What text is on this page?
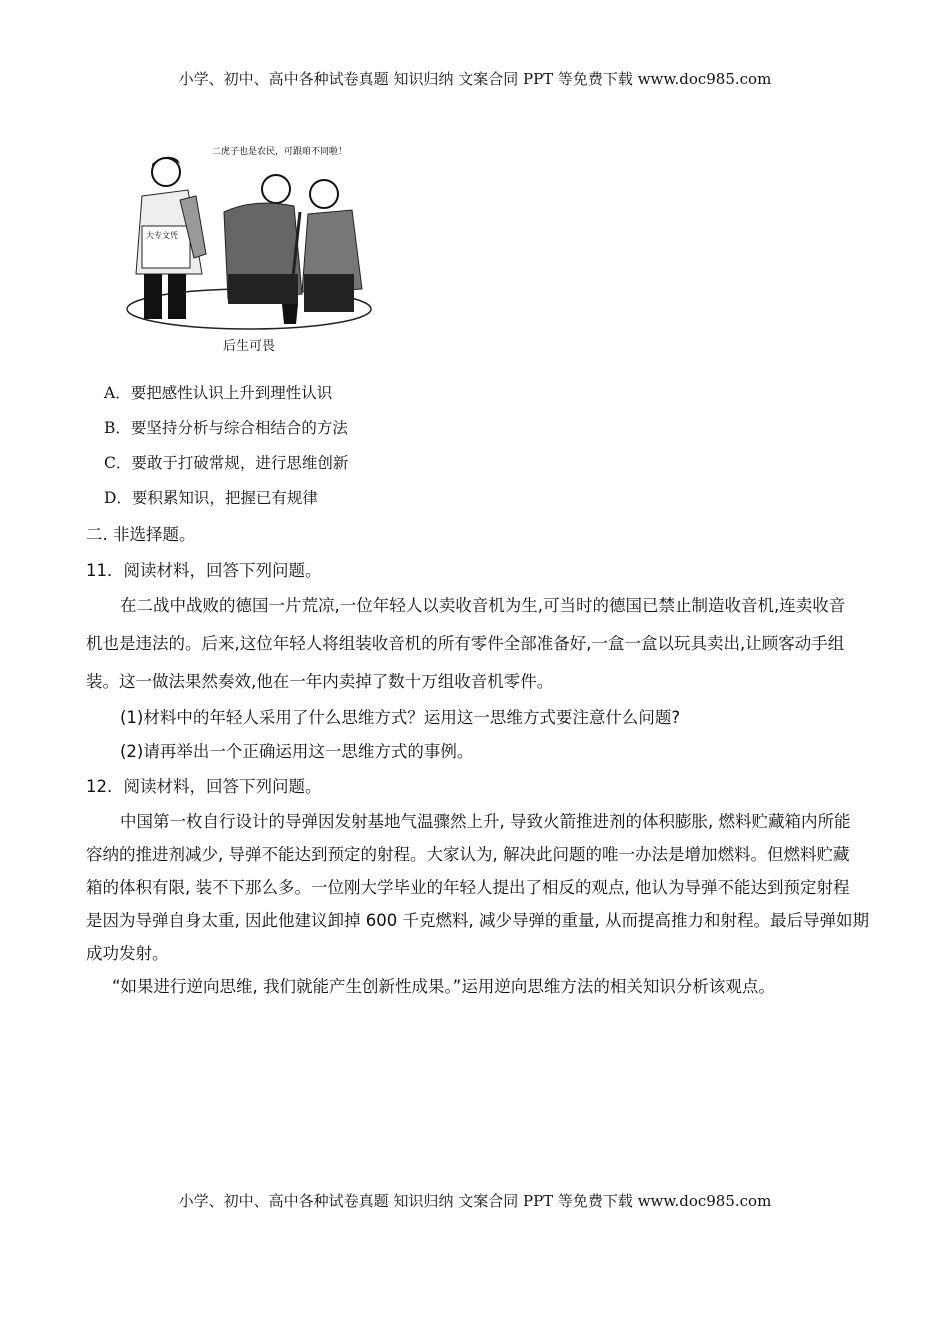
小学、初中、高中各种试卷真题 知识归纳 文案合同 PPT 等免费下载 www.doc985.com
二虎子也是农民，可跟咱不同啦！
大专文凭
后生可畏
A．要把感性认识上升到理性认识
B．要坚持分析与综合相结合的方法
C．要敢于打破常规，进行思维创新
D．要积累知识，把握已有规律
二. 非选择题。
11．阅读材料，回答下列问题。
在二战中战败的德国一片荒凉,一位年轻人以卖收音机为生,可当时的德国已禁止制造收音机,连卖收音
机也是违法的。后来,这位年轻人将组装收音机的所有零件全部准备好,一盒一盒以玩具卖出,让顾客动手组
装。这一做法果然奏效,他在一年内卖掉了数十万组收音机零件。
(1)材料中的年轻人采用了什么思维方式？运用这一思维方式要注意什么问题?
(2)请再举出一个正确运用这一思维方式的事例。
12．阅读材料，回答下列问题。
中国第一枚自行设计的导弹因发射基地气温骤然上升, 导致火箭推进剂的体积膨胀, 燃料贮藏箱内所能
容纳的推进剂减少, 导弹不能达到预定的射程。大家认为, 解决此问题的唯一办法是增加燃料。但燃料贮藏
箱的体积有限, 装不下那么多。一位刚大学毕业的年轻人提出了相反的观点, 他认为导弹不能达到预定射程
是因为导弹自身太重, 因此他建议卸掉 600 千克燃料, 减少导弹的重量, 从而提高推力和射程。最后导弹如期
成功发射。
“如果进行逆向思维, 我们就能产生创新性成果。”运用逆向思维方法的相关知识分析该观点。
小学、初中、高中各种试卷真题 知识归纳 文案合同 PPT 等免费下载 www.doc985.com
